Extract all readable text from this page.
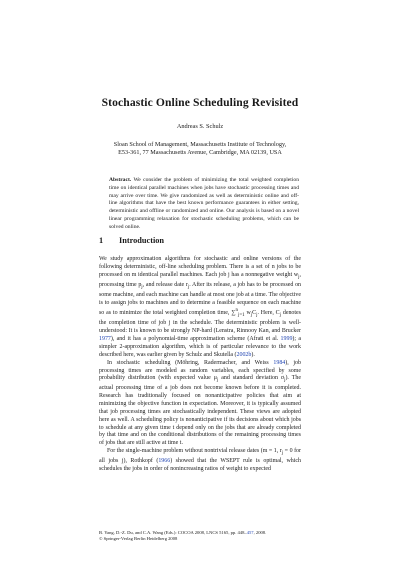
Stochastic Online Scheduling Revisited
Andreas S. Schulz
Sloan School of Management, Massachusetts Institute of Technology,
E53-361, 77 Massachusetts Avenue, Cambridge, MA 02139, USA
Abstract. We consider the problem of minimizing the total weighted completion time on identical parallel machines when jobs have stochastic processing times and may arrive over time. We give randomized as well as deterministic online and off-line algorithms that have the best known performance guarantees in either setting, deterministic and offline or randomized and online. Our analysis is based on a novel linear programming relaxation for stochastic scheduling problems, which can be solved online.
1 Introduction

We study approximation algorithms for stochastic and online versions of the following deterministic, off-line scheduling problem. There is a set of n jobs to be processed on m identical parallel machines. Each job j has a nonnegative weight $w_j$, processing time $p_j$, and release date $r_j$. After its release, a job has to be processed on some machine, and each machine can handle at most one job at a time. The objective is to assign jobs to machines and to determine a feasible sequence on each machine so as to minimize the total weighted completion time, ∑$^n_{j=1}$ $w_jC_j$. Here, $C_j$ denotes the completion time of job j in the schedule. The deterministic problem is well-understood: It is known to be strongly NP-hard (Lenstra, Rinnooy Kan, and Brucker 1977), and it has a polynomial-time approximation scheme (Afrati et al. 1999); a simpler 2-approximation algorithm, which is of particular relevance to the work described here, was earlier given by Schulz and Skutella (2002b).

In stochastic scheduling (Möhring, Radermacher, and Weiss 1984), job processing times are modeled as random variables, each specified by some probability distribution (with expected value $\mu_j$ and standard deviation $\sigma_j$). The actual processing time of a job does not become known before it is completed. Research has traditionally focused on nonanticipative policies that aim at minimizing the objective function in expectation. Moreover, it is typically assumed that job processing times are stochastically independent. These views are adopted here as well. A scheduling policy is nonanticipative if its decisions about which jobs to schedule at any given time t depend only on the jobs that are already completed by that time and on the conditional distributions of the remaining processing times of jobs that are still active at time t.

For the single-machine problem without nontrivial release dates (m = 1, $r_j = 0$ for all jobs j), Rothkopf (1966) showed that the WSEPT rule is optimal, which schedules the jobs in order of nonincreasing ratios of weight to expected

B. Yang, D.-Z. Du, and C.A. Wang (Eds.): COCOA 2008, LNCS 5165, pp. 448–457, 2008.
© Springer-Verlag Berlin Heidelberg 2008
